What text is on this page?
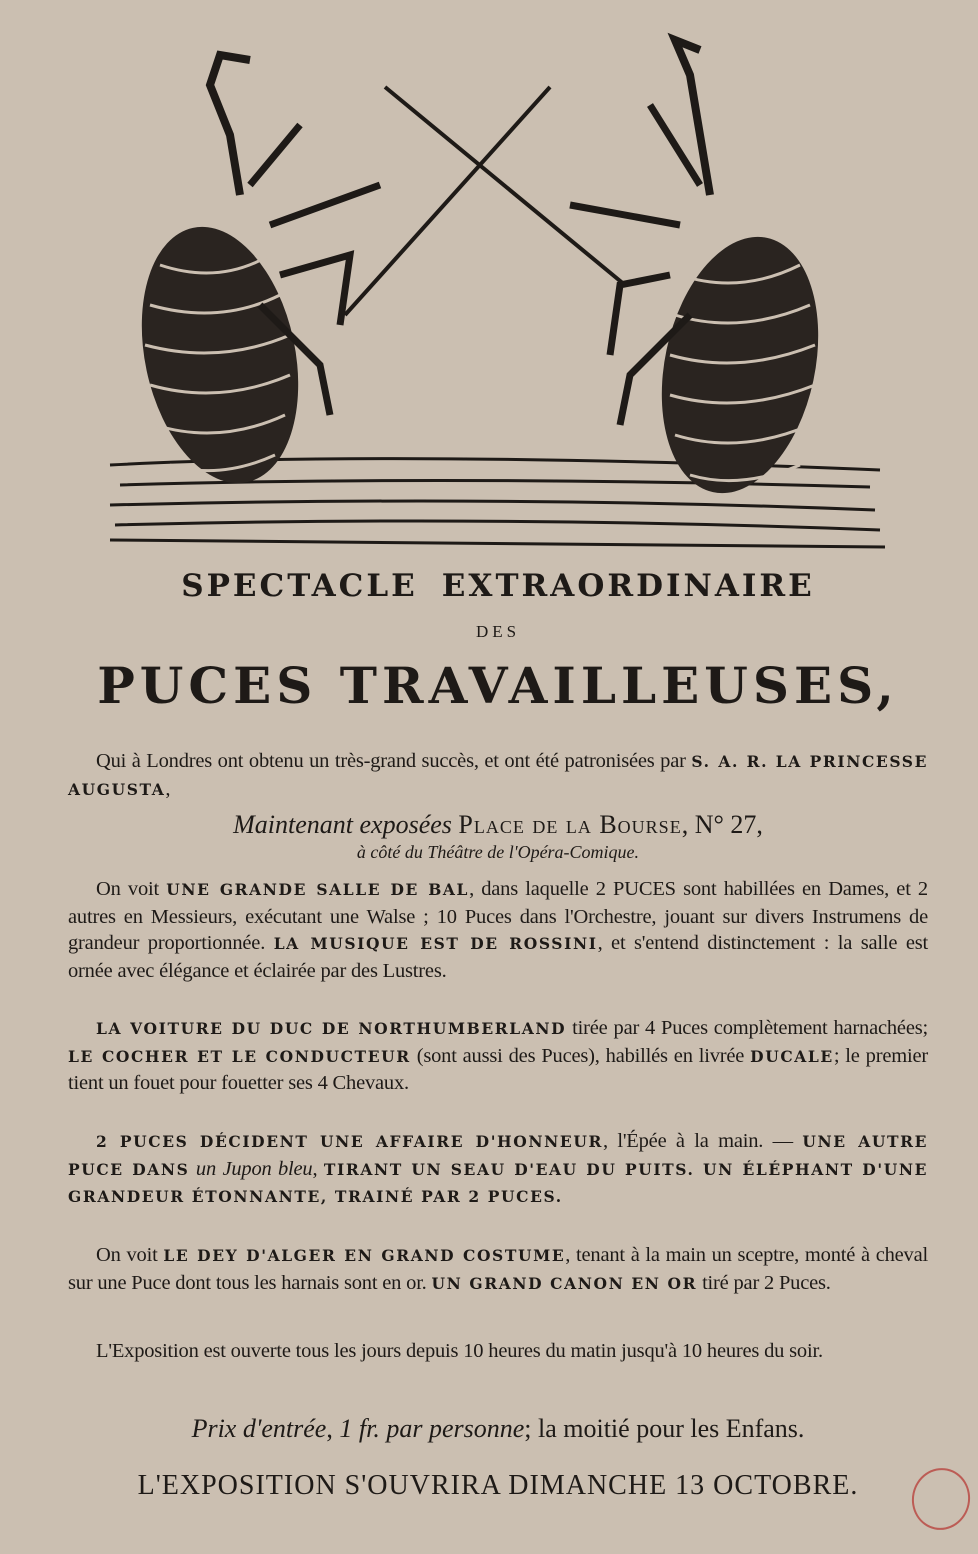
SPECTACLE EXTRAORDINAIRE
DES
PUCES TRAVAILLEUSES,
Qui à Londres ont obtenu un très-grand succès, et ont été patronisées par S. A. R. LA PRINCESSE AUGUSTA,
Maintenant exposées Place de la Bourse, N° 27,
à côté du Théâtre de l'Opéra-Comique.
On voit UNE GRANDE SALLE DE BAL, dans laquelle 2 PUCES sont habillées en Dames, et 2 autres en Messieurs, exécutant une Walse ; 10 Puces dans l'Orchestre, jouant sur divers Instrumens de grandeur proportionnée. LA MUSIQUE EST DE ROSSINI, et s'entend distinctement : la salle est ornée avec élégance et éclairée par des Lustres.
LA VOITURE DU DUC DE NORTHUMBERLAND tirée par 4 Puces complètement harnachées; LE COCHER ET LE CONDUCTEUR (sont aussi des Puces), habillés en livrée DUCALE; le premier tient un fouet pour fouetter ses 4 Chevaux.
2 PUCES DÉCIDENT UNE AFFAIRE D'HONNEUR, l'Épée à la main. — UNE AUTRE PUCE DANS un Jupon bleu, TIRANT UN SEAU D'EAU DU PUITS. UN ÉLÉPHANT D'UNE GRANDEUR ÉTONNANTE, TRAINÉ PAR 2 PUCES.
On voit LE DEY D'ALGER EN GRAND COSTUME, tenant à la main un sceptre, monté à cheval sur une Puce dont tous les harnais sont en or. UN GRAND CANON EN OR tiré par 2 Puces.
L'Exposition est ouverte tous les jours depuis 10 heures du matin jusqu'à 10 heures du soir.
Prix d'entrée, 1 fr. par personne; la moitié pour les Enfans.
L'EXPOSITION S'OUVRIRA DIMANCHE 13 OCTOBRE.
